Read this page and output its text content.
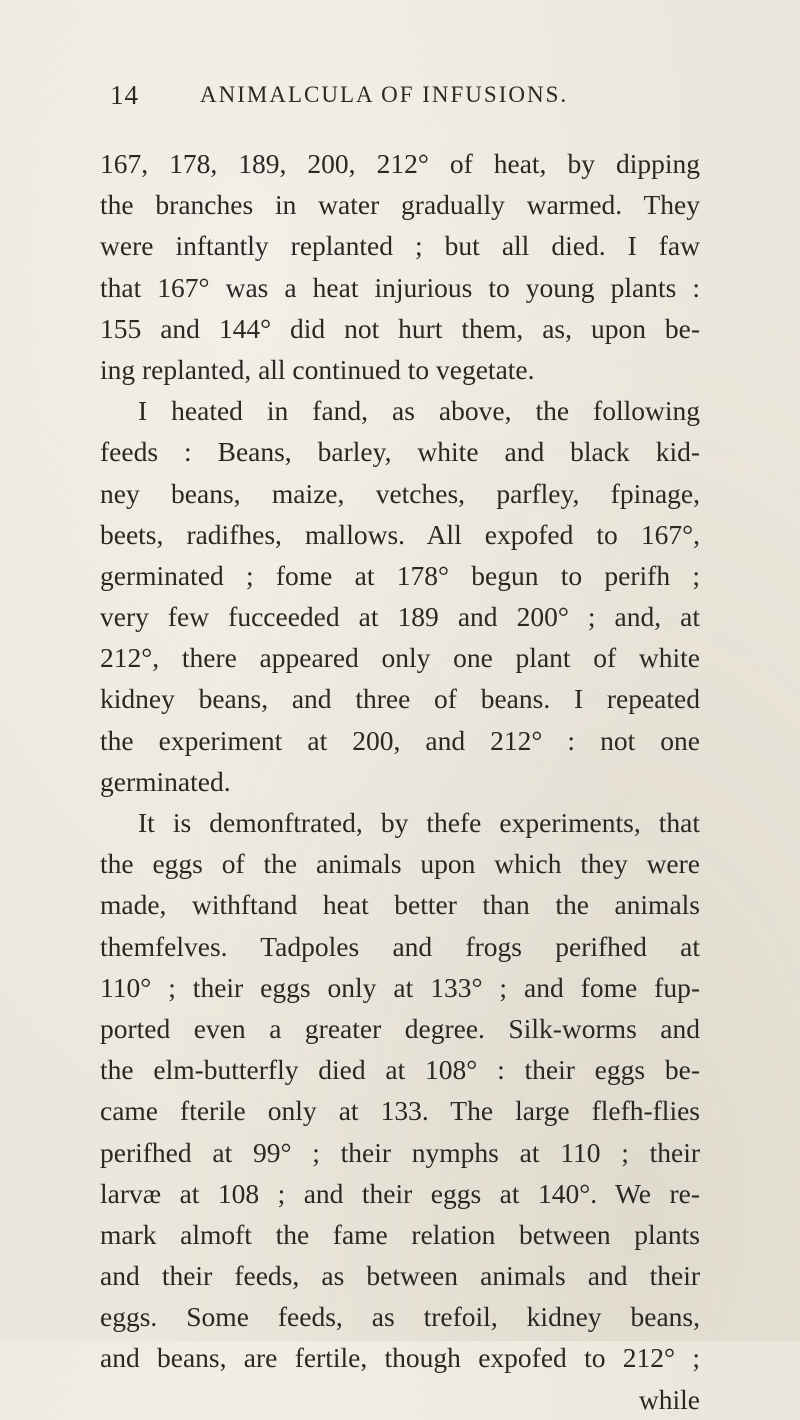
14	ANIMALCULA OF INFUSIONS.
167, 178, 189, 200, 212° of heat, by dipping
the branches in water gradually warmed. They
were inftantly replanted ; but all died. I faw
that 167° was a heat injurious to young plants :
155 and 144° did not hurt them, as, upon be-
ing replanted, all continued to vegetate.
I heated in fand, as above, the following
feeds : Beans, barley, white and black kid-
ney beans, maize, vetches, parfley, fpinage,
beets, radifhes, mallows. All expofed to 167°,
germinated ; fome at 178° begun to perifh ;
very few fucceeded at 189 and 200° ; and, at
212°, there appeared only one plant of white
kidney beans, and three of beans. I repeated
the experiment at 200, and 212° : not one
germinated.
It is demonftrated, by thefe experiments, that
the eggs of the animals upon which they were
made, withftand heat better than the animals
themfelves. Tadpoles and frogs perifhed at
110° ; their eggs only at 133° ; and fome fup-
ported even a greater degree. Silk-worms and
the elm-butterfly died at 108° : their eggs be-
came fterile only at 133. The large flefh-flies
perifhed at 99° ; their nymphs at 110 ; their
larvæ at 108 ; and their eggs at 140°. We re-
mark almoft the fame relation between plants
and their feeds, as between animals and their
eggs. Some feeds, as trefoil, kidney beans,
and beans, are fertile, though expofed to 212° ;
while
